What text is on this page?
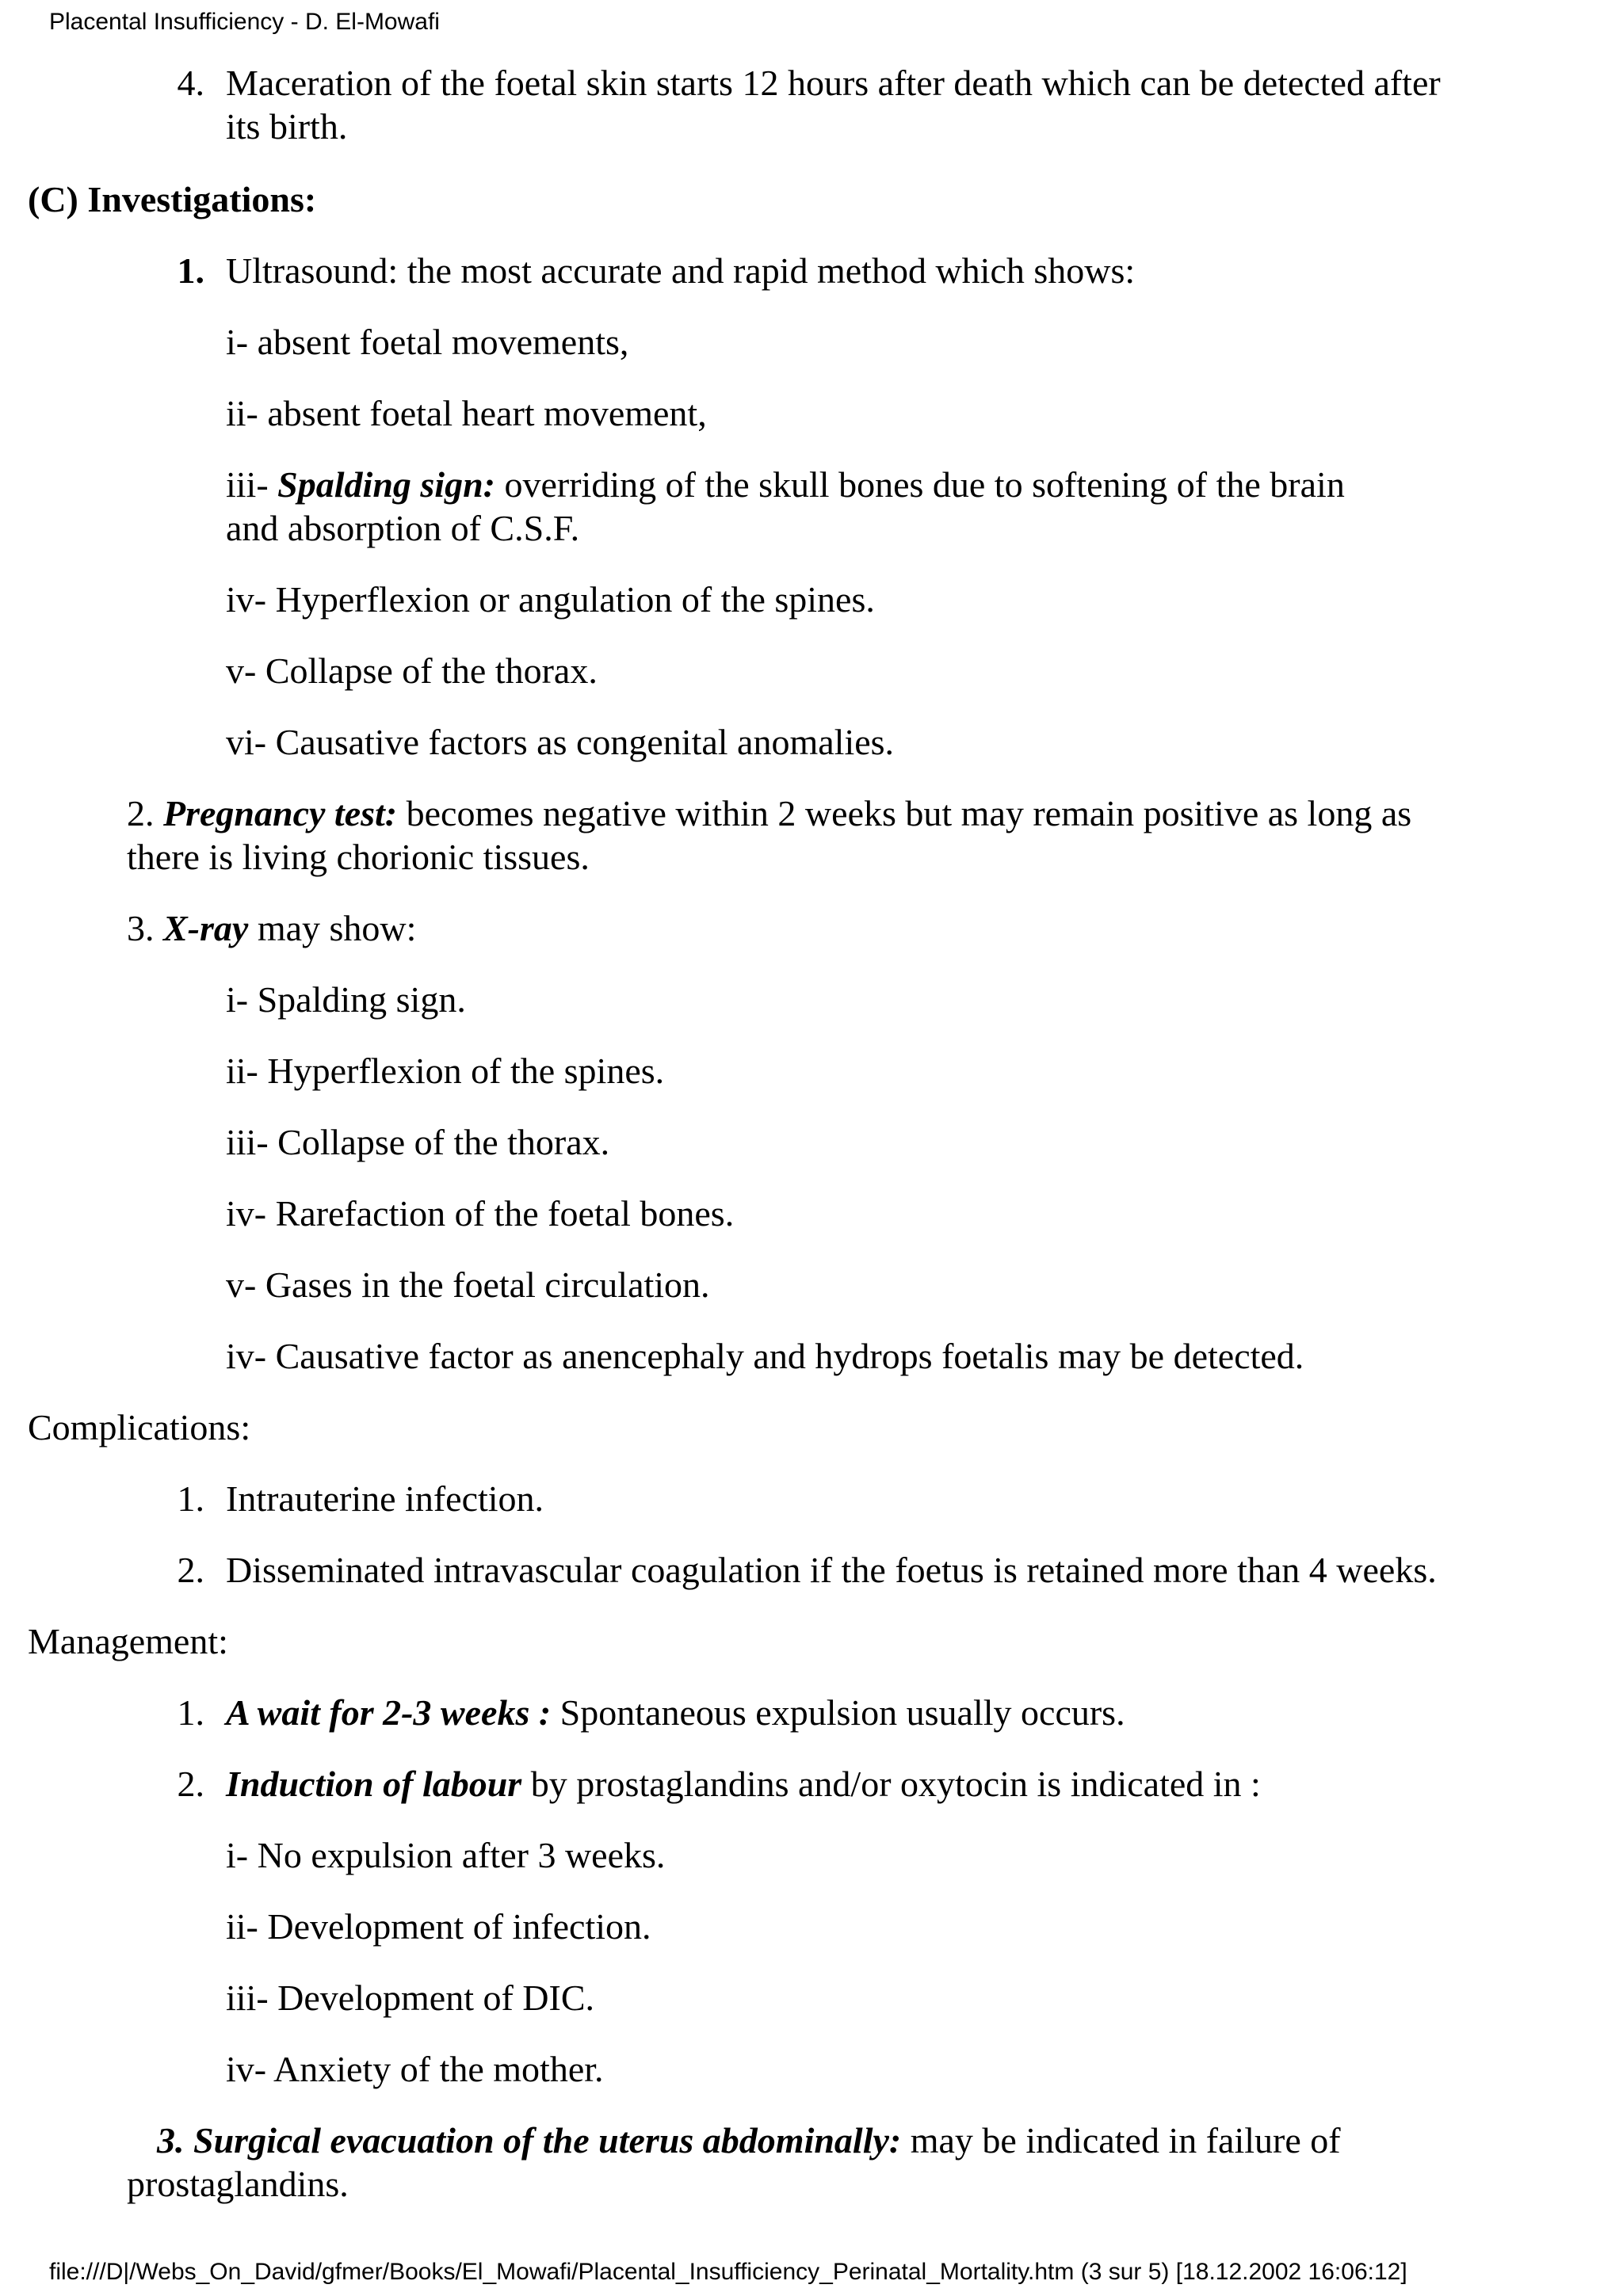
Placental Insufficiency - D. El-Mowafi
4. Maceration of the foetal skin starts 12 hours after death which can be detected after
its birth.
(C) Investigations:
1. Ultrasound: the most accurate and rapid method which shows:
i- absent foetal movements,
ii- absent foetal heart movement,
iii- Spalding sign: overriding of the skull bones due to softening of the brain
and absorption of C.S.F.
iv- Hyperflexion or angulation of the spines.
v- Collapse of the thorax.
vi- Causative factors as congenital anomalies.
2. Pregnancy test: becomes negative within 2 weeks but may remain positive as long as
there is living chorionic tissues.
3. X-ray may show:
i- Spalding sign.
ii- Hyperflexion of the spines.
iii- Collapse of the thorax.
iv- Rarefaction of the foetal bones.
v- Gases in the foetal circulation.
iv- Causative factor as anencephaly and hydrops foetalis may be detected.
Complications:
1. Intrauterine infection.
2. Disseminated intravascular coagulation if the foetus is retained more than 4 weeks.
Management:
1. A wait for 2-3 weeks : Spontaneous expulsion usually occurs.
2. Induction of labour by prostaglandins and/or oxytocin is indicated in :
i- No expulsion after 3 weeks.
ii- Development of infection.
iii- Development of DIC.
iv- Anxiety of the mother.
3. Surgical evacuation of the uterus abdominally: may be indicated in failure of
prostaglandins.
file:///D|/Webs_On_David/gfmer/Books/El_Mowafi/Placental_Insufficiency_Perinatal_Mortality.htm (3 sur 5) [18.12.2002 16:06:12]
